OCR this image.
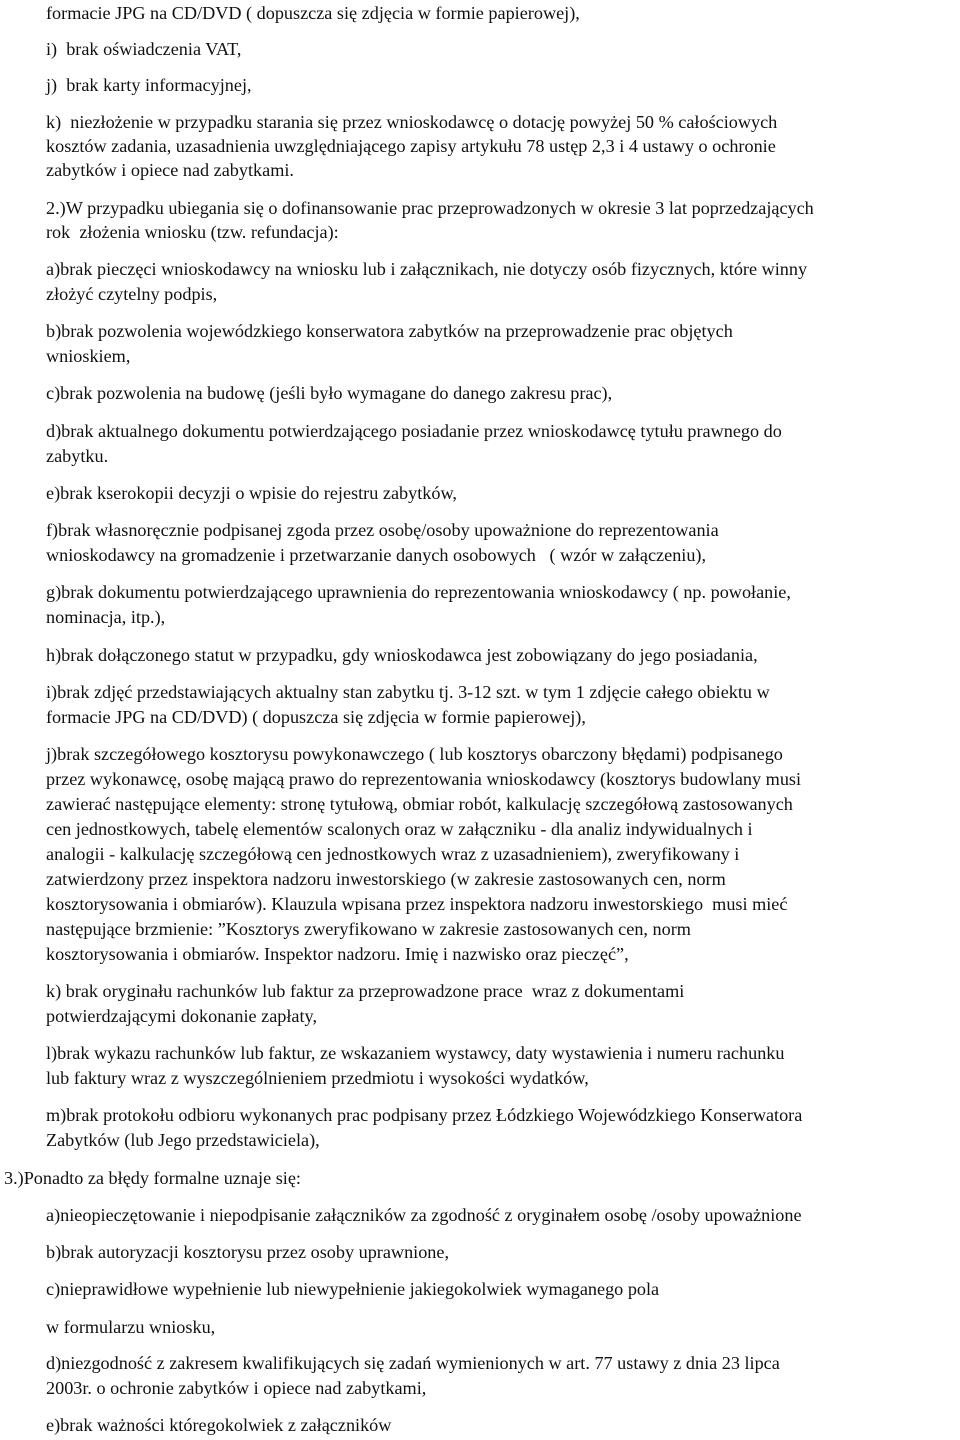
formacie JPG na CD/DVD ( dopuszcza się zdjęcia w formie papierowej),

i)  brak oświadczenia VAT,

j)  brak karty informacyjnej,

k)  niezłożenie w przypadku starania się przez wnioskodawcę o dotację powyżej 50 % całościowych

kosztów zadania, uzasadnienia uwzględniającego zapisy artykułu 78 ustęp 2,3 i 4 ustawy o ochronie

zabytków i opiece nad zabytkami.

2.)W przypadku ubiegania się o dofinansowanie prac przeprowadzonych w okresie 3 lat poprzedzających

rok  złożenia wniosku (tzw. refundacja):

a)brak pieczęci wnioskodawcy na wniosku lub i załącznikach, nie dotyczy osób fizycznych, które winny

złożyć czytelny podpis,

b)brak pozwolenia wojewódzkiego konserwatora zabytków na przeprowadzenie prac objętych

wnioskiem,

c)brak pozwolenia na budowę (jeśli było wymagane do danego zakresu prac),

d)brak aktualnego dokumentu potwierdzającego posiadanie przez wnioskodawcę tytułu prawnego do

zabytku.

e)brak kserokopii decyzji o wpisie do rejestru zabytków,

f)brak własnoręcznie podpisanej zgoda przez osobę/osoby upoważnione do reprezentowania

wnioskodawcy na gromadzenie i przetwarzanie danych osobowych   ( wzór w załączeniu),

g)brak dokumentu potwierdzającego uprawnienia do reprezentowania wnioskodawcy ( np. powołanie,

nominacja, itp.),

h)brak dołączonego statut w przypadku, gdy wnioskodawca jest zobowiązany do jego posiadania,

i)brak zdjęć przedstawiających aktualny stan zabytku tj. 3-12 szt. w tym 1 zdjęcie całego obiektu w

formacie JPG na CD/DVD) ( dopuszcza się zdjęcia w formie papierowej),

j)brak szczegółowego kosztorysu powykonawczego ( lub kosztorys obarczony błędami) podpisanego

przez wykonawcę, osobę mającą prawo do reprezentowania wnioskodawcy (kosztorys budowlany musi

zawierać następujące elementy: stronę tytułową, obmiar robót, kalkulację szczegółową zastosowanych

cen jednostkowych, tabelę elementów scalonych oraz w załączniku - dla analiz indywidualnych i

analogii - kalkulację szczegółową cen jednostkowych wraz z uzasadnieniem), zweryfikowany i

zatwierdzony przez inspektora nadzoru inwestorskiego (w zakresie zastosowanych cen, norm

kosztorysowania i obmiarów). Klauzula wpisana przez inspektora nadzoru inwestorskiego  musi mieć

następujące brzmienie: ”Kosztorys zweryfikowano w zakresie zastosowanych cen, norm

kosztorysowania i obmiarów. Inspektor nadzoru. Imię i nazwisko oraz pieczęć”,

k) brak oryginału rachunków lub faktur za przeprowadzone prace  wraz z dokumentami

potwierdzającymi dokonanie zapłaty,

l)brak wykazu rachunków lub faktur, ze wskazaniem wystawcy, daty wystawienia i numeru rachunku

lub faktury wraz z wyszczególnieniem przedmiotu i wysokości wydatków,

m)brak protokołu odbioru wykonanych prac podpisany przez Łódzkiego Wojewódzkiego Konserwatora

Zabytków (lub Jego przedstawiciela),

3.)Ponadto za błędy formalne uznaje się:

a)nieopieczętowanie i niepodpisanie załączników za zgodność z oryginałem osobę /osoby upoważnione

b)brak autoryzacji kosztorysu przez osoby uprawnione,

c)nieprawidłowe wypełnienie lub niewypełnienie jakiegokolwiek wymaganego pola

w formularzu wniosku,

d)niezgodność z zakresem kwalifikujących się zadań wymienionych w art. 77 ustawy z dnia 23 lipca

2003r. o ochronie zabytków i opiece nad zabytkami,

e)brak ważności któregokolwiek z załączników
